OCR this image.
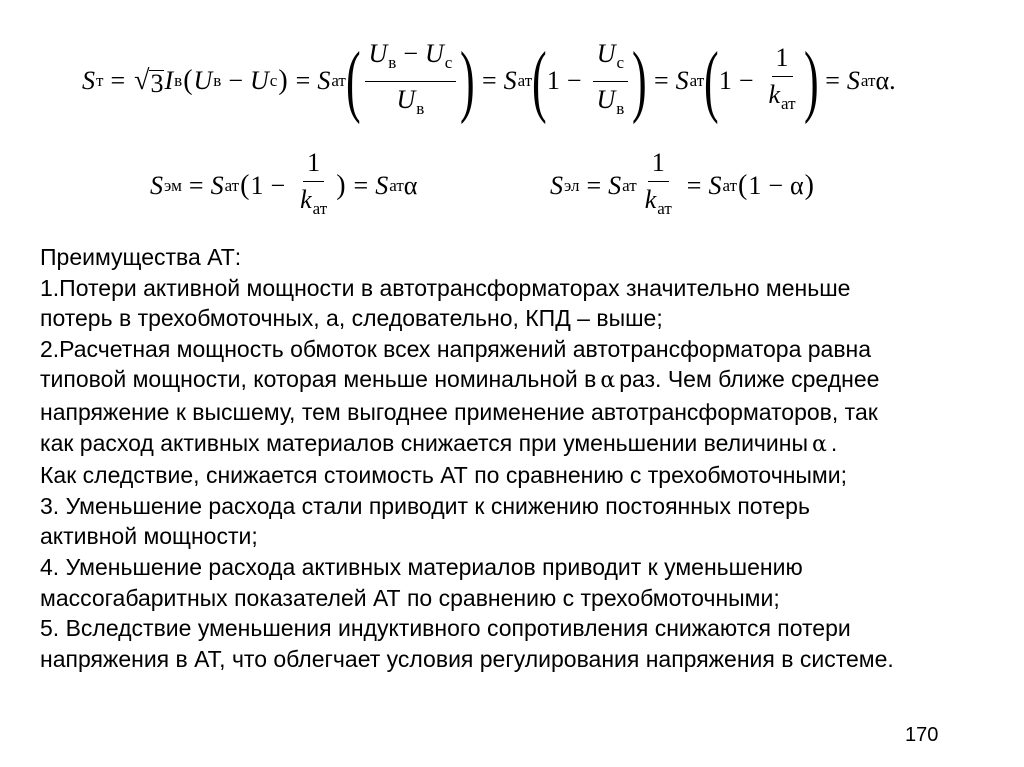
S т = √ 3 I в ( U в − U с ) = S ат ( $\frac{U_в - U_с}{U_в}$ ) = S ат ( $1 - \frac{U_с}{U_в}$ ) = S ат ( $1 - \frac{1}{k_{ат}}$ ) = S ат α .
S эм = S ат ( $1 - \frac{1}{k_{ат}}$ ) = S ат α	S эл = S ат $\frac{1}{k_{ат}} = S$ ат ( 1 − α )
Преимущества АТ:
1.Потери активной мощности в автотрансформаторах значительно меньше
потерь в трехобмоточных, а, следовательно, КПД – выше;
2.Расчетная мощность обмоток всех напряжений автотрансформатора равна
типовой мощности, которая меньше номинальной в α раз. Чем ближе среднее
напряжение к высшему, тем выгоднее применение автотрансформаторов, так
как расход активных материалов снижается при уменьшении величины α .
Как следствие, снижается стоимость АТ по сравнению с трехобмоточными;
3. Уменьшение расхода стали приводит к снижению постоянных потерь
активной мощности;
4. Уменьшение расхода активных материалов приводит к уменьшению
массогабаритных показателей АТ по сравнению с трехобмоточными;
5. Вследствие уменьшения индуктивного сопротивления снижаются потери
напряжения в АТ, что облегчает условия регулирования напряжения в системе.
170
